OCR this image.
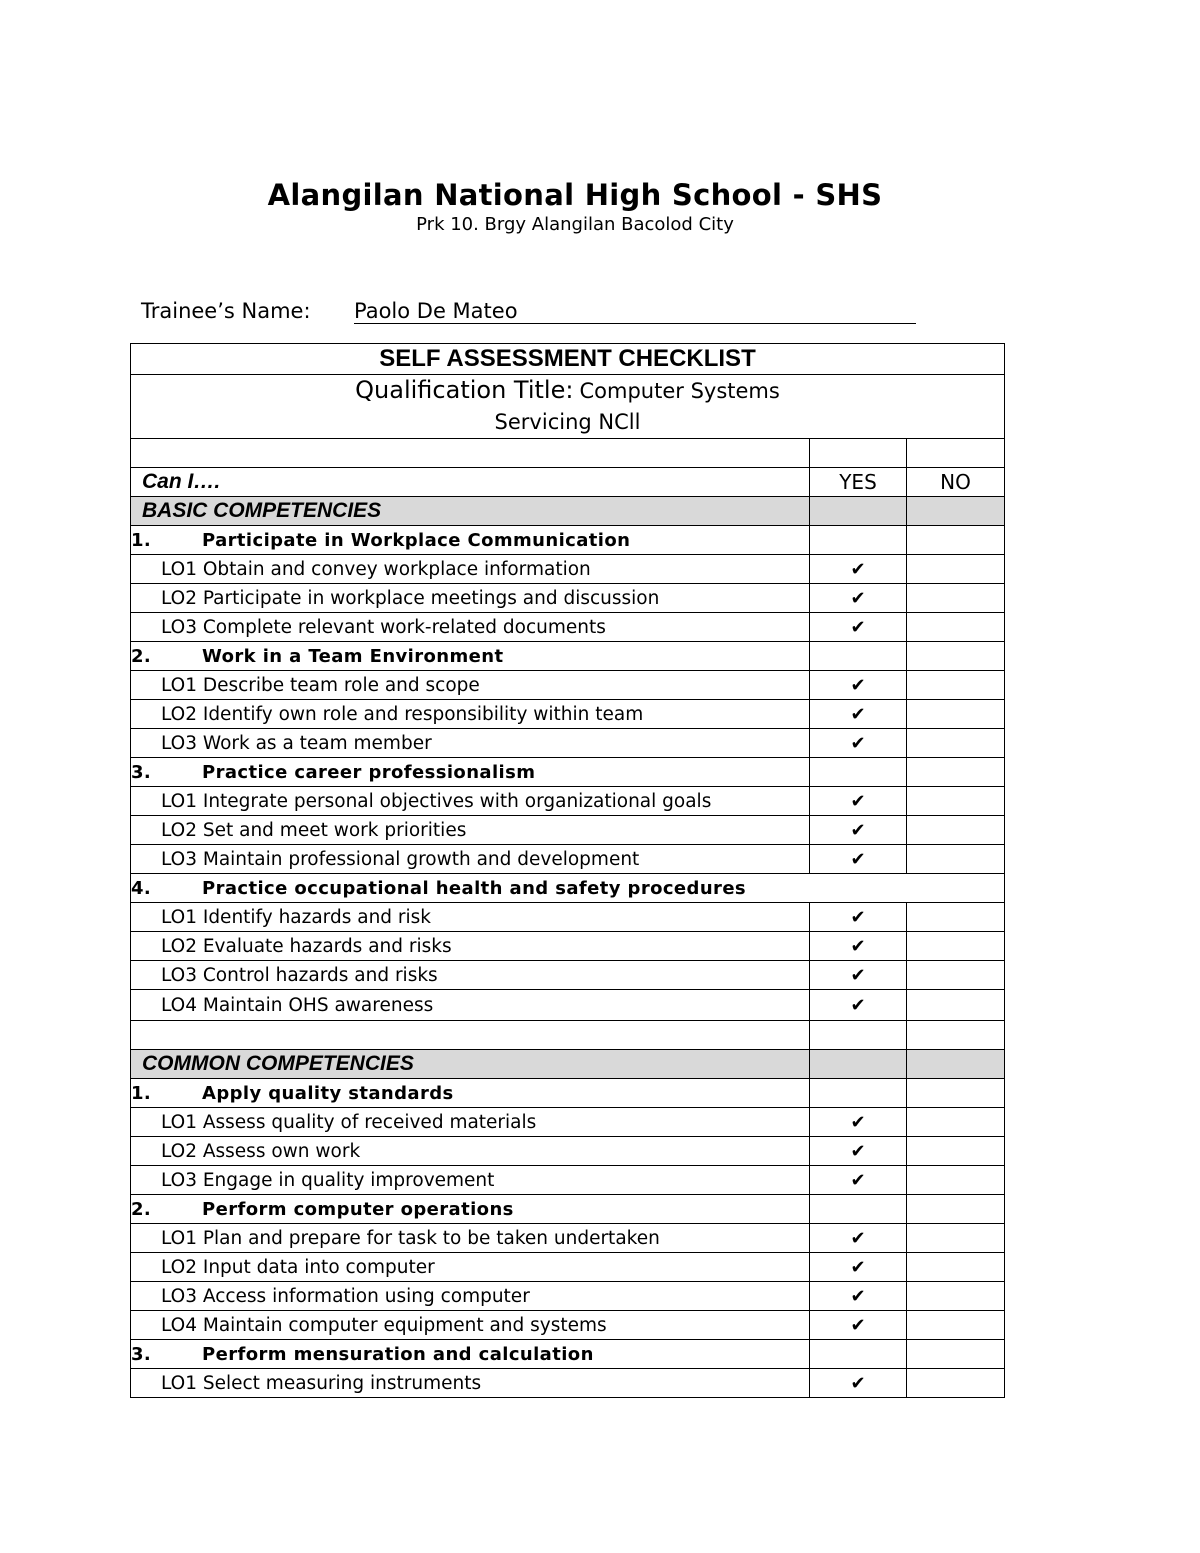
Alangilan National High School - SHS
Prk 10. Brgy Alangilan Bacolod City
Trainee’s Name: Paolo De Mateo
SELF ASSESSMENT CHECKLIST		
Qualification Title: Computer Systems
Servicing NCll		

Can I….	YES	NO
BASIC COMPETENCIES		
1. Participate in Workplace Communication		
LO1 Obtain and convey workplace information	✔	
LO2 Participate in workplace meetings and discussion	✔	
LO3 Complete relevant work-related documents	✔	
2. Work in a Team Environment		
LO1 Describe team role and scope	✔	
LO2 Identify own role and responsibility within team	✔	
LO3 Work as a team member	✔	
3. Practice career professionalism		
LO1 Integrate personal objectives with organizational goals	✔	
LO2 Set and meet work priorities	✔	
LO3 Maintain professional growth and development	✔	
4. Practice occupational health and safety procedures		
LO1 Identify hazards and risk	✔	
LO2 Evaluate hazards and risks	✔	
LO3 Control hazards and risks	✔	
LO4 Maintain OHS awareness	✔	

COMMON COMPETENCIES		
1. Apply quality standards		
LO1 Assess quality of received materials	✔	
LO2 Assess own work	✔	
LO3 Engage in quality improvement	✔	
2. Perform computer operations		
LO1 Plan and prepare for task to be taken undertaken	✔	
LO2 Input data into computer	✔	
LO3 Access information using computer	✔	
LO4 Maintain computer equipment and systems	✔	
3. Perform mensuration and calculation		
LO1 Select measuring instruments	✔	
